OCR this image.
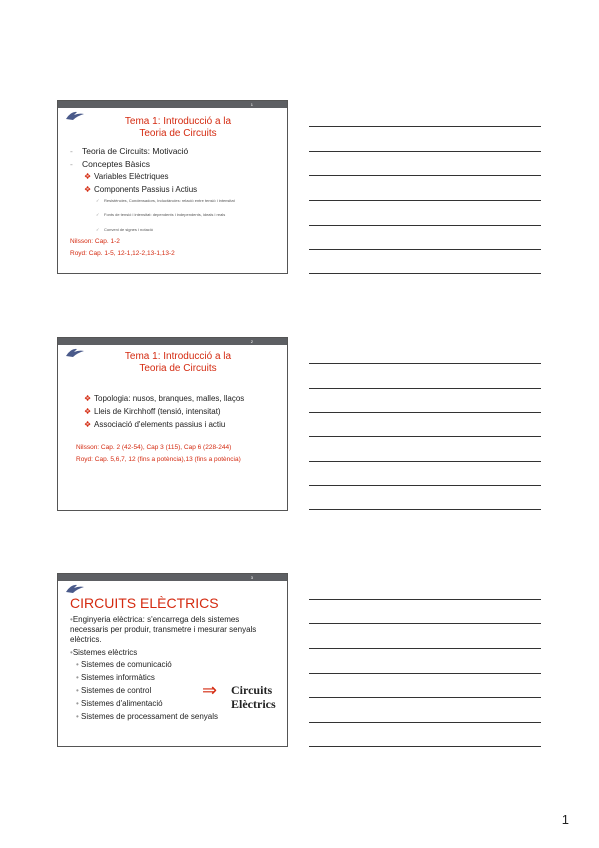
1
Tema 1: Introducció a la
Teoria de Circuits
- Teoria de Circuits: Motivació
- Conceptes Bàsics
❖ Variables Elèctriques
❖ Components Passius i Actius
✓ Resistències, Condensadors, Inductàncies: relació entre tensió i intensitat
✓ Fonts de tensió i intensitat: dependents i independents, ideals i reals
✓ Conveni de signes i notació
Nilsson: Cap. 1-2
Royd: Cap. 1-5, 12-1,12-2,13-1,13-2
2
Tema 1: Introducció a la
Teoria de Circuits
❖ Topologia: nusos, branques, malles, llaços
❖ Lleis de Kirchhoff (tensió, intensitat)
❖ Associació d'elements passius i actiu
Nilsson: Cap. 2 (42-54), Cap 3 (115), Cap 6 (228-244)
Royd: Cap. 5,6,7, 12 (fins a potència),13 (fins a potència)
3
CIRCUITS ELÈCTRICS
•Enginyeria elèctrica: s'encarrega dels sistemes necessaris per produir, transmetre i mesurar senyals elèctrics.
•Sistemes elèctrics
• Sistemes de comunicació
• Sistemes informàtics
• Sistemes de control
• Sistemes d'alimentació
• Sistemes de processament de senyals
⇒ Circuits
Elèctrics
1
